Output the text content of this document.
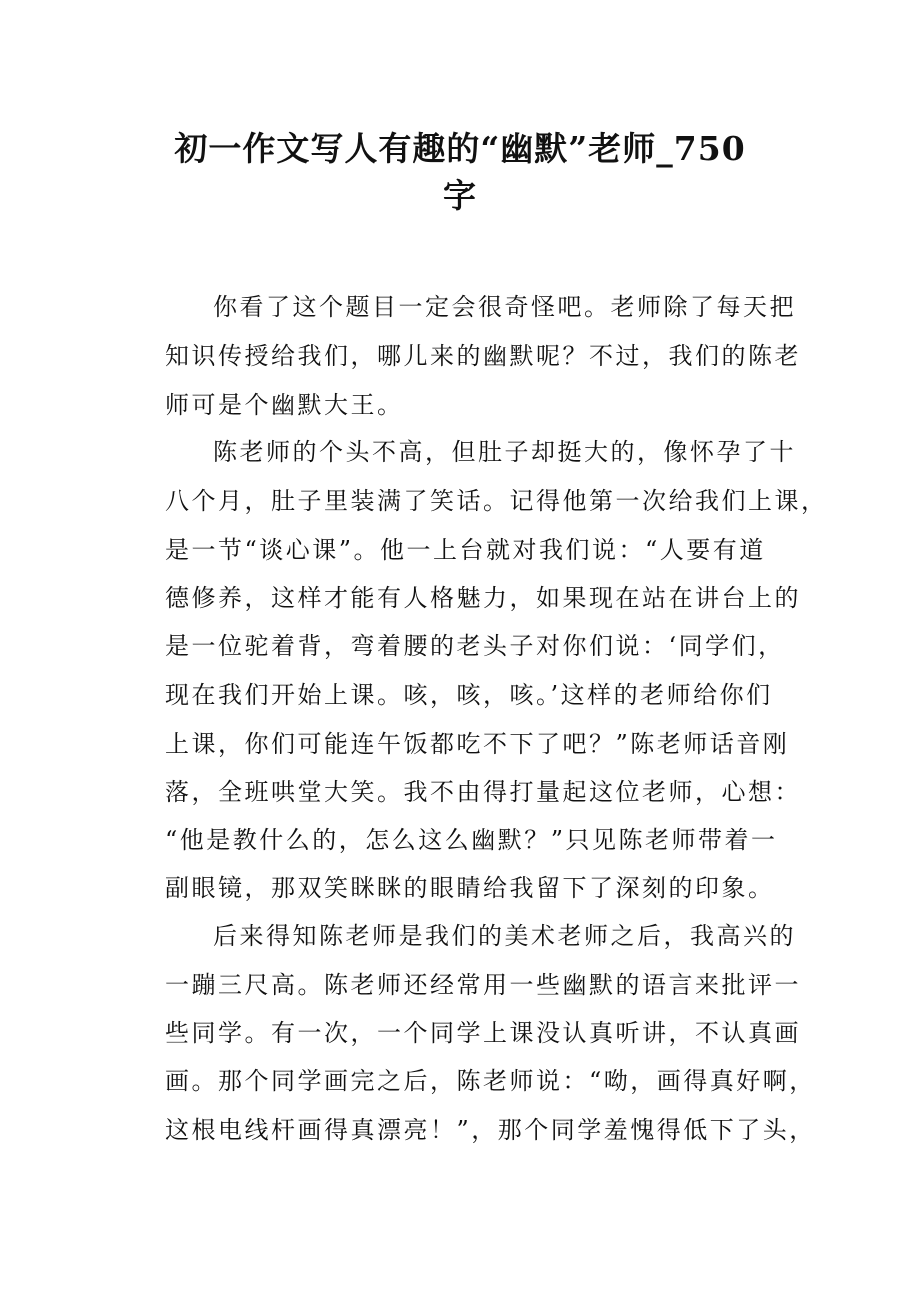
初一作文写人有趣的“幽默”老师_750
字

你看了这个题目一定会很奇怪吧。老师除了每天把

知识传授给我们，哪儿来的幽默呢？不过，我们的陈老

师可是个幽默大王。

陈老师的个头不高，但肚子却挺大的，像怀孕了十

八个月，肚子里装满了笑话。记得他第一次给我们上课，

是一节“谈心课”。他一上台就对我们说：“人要有道

德修养，这样才能有人格魅力，如果现在站在讲台上的

是一位驼着背，弯着腰的老头子对你们说：‘同学们，

现在我们开始上课。咳，咳，咳。’这样的老师给你们

上课，你们可能连午饭都吃不下了吧？”陈老师话音刚

落，全班哄堂大笑。我不由得打量起这位老师，心想：

“他是教什么的，怎么这么幽默？”只见陈老师带着一

副眼镜，那双笑眯眯的眼睛给我留下了深刻的印象。

后来得知陈老师是我们的美术老师之后，我高兴的

一蹦三尺高。陈老师还经常用一些幽默的语言来批评一

些同学。有一次，一个同学上课没认真听讲，不认真画

画。那个同学画完之后，陈老师说：“呦，画得真好啊，

这根电线杆画得真漂亮！”，那个同学羞愧得低下了头，
